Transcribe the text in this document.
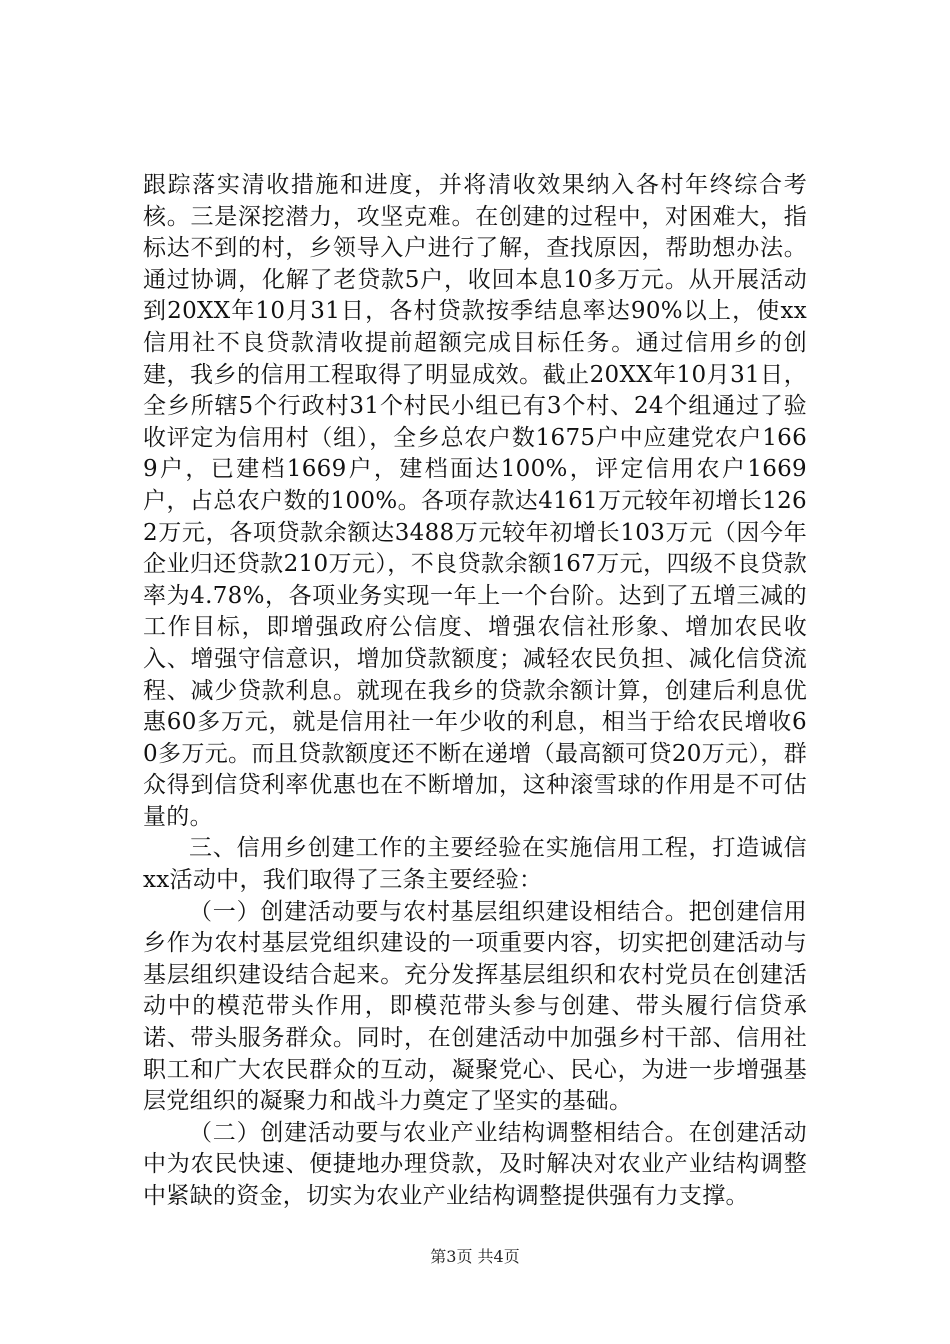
跟踪落实清收措施和进度，并将清收效果纳入各村年终综合考核。三是深挖潜力，攻坚克难。在创建的过程中，对困难大，指标达不到的村，乡领导入户进行了解，查找原因，帮助想办法。通过协调，化解了老贷款5户，收回本息10多万元。从开展活动到20XX年10月31日，各村贷款按季结息率达90%以上，使xx信用社不良贷款清收提前超额完成目标任务。通过信用乡的创建，我乡的信用工程取得了明显成效。截止20XX年10月31日，全乡所辖5个行政村31个村民小组已有3个村、24个组通过了验收评定为信用村（组），全乡总农户数1675户中应建党农户1669户，已建档1669户，建档面达100%，评定信用农户1669户，占总农户数的100%。各项存款达4161万元较年初增长1262万元，各项贷款余额达3488万元较年初增长103万元（因今年企业归还贷款210万元），不良贷款余额167万元，四级不良贷款率为4.78%，各项业务实现一年上一个台阶。达到了五增三减的工作目标，即增强政府公信度、增强农信社形象、增加农民收入、增强守信意识，增加贷款额度；减轻农民负担、减化信贷流程、减少贷款利息。就现在我乡的贷款余额计算，创建后利息优惠60多万元，就是信用社一年少收的利息，相当于给农民增收60多万元。而且贷款额度还不断在递增（最高额可贷20万元），群众得到信贷利率优惠也在不断增加，这种滚雪球的作用是不可估量的。

三、信用乡创建工作的主要经验在实施信用工程，打造诚信xx活动中，我们取得了三条主要经验：

（一）创建活动要与农村基层组织建设相结合。把创建信用乡作为农村基层党组织建设的一项重要内容，切实把创建活动与基层组织建设结合起来。充分发挥基层组织和农村党员在创建活动中的模范带头作用，即模范带头参与创建、带头履行信贷承诺、带头服务群众。同时，在创建活动中加强乡村干部、信用社职工和广大农民群众的互动，凝聚党心、民心，为进一步增强基层党组织的凝聚力和战斗力奠定了坚实的基础。

（二）创建活动要与农业产业结构调整相结合。在创建活动中为农民快速、便捷地办理贷款，及时解决对农业产业结构调整中紧缺的资金，切实为农业产业结构调整提供强有力支撑。

第3页 共4页
